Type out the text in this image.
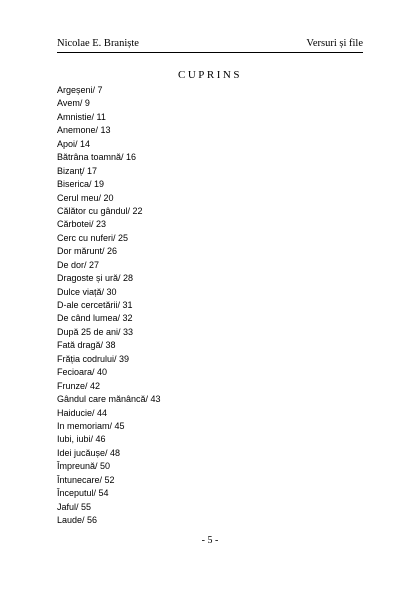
Nicolae E. Braniște	Versuri și file
CUPRINS
Argeșeni/ 7
Avem/ 9
Amnistie/ 11
Anemone/ 13
Apoi/ 14
Bătrâna toamnă/ 16
Bizanț/ 17
Biserica/ 19
Cerul meu/ 20
Călător cu gândul/ 22
Cărbotei/ 23
Cerc cu nuferi/ 25
Dor mărunt/ 26
De dor/ 27
Dragoste și ură/ 28
Dulce viață/ 30
D-ale cercetării/ 31
De când lumea/ 32
După 25 de ani/ 33
Fată dragă/ 38
Frăția codrului/ 39
Fecioara/ 40
Frunze/ 42
Gândul care mănâncă/ 43
Haiducie/ 44
In memoriam/ 45
Iubi, iubi/ 46
Idei jucăușe/ 48
Împreună/ 50
Întunecare/ 52
Începutul/ 54
Jaful/ 55
Laude/ 56
- 5 -
